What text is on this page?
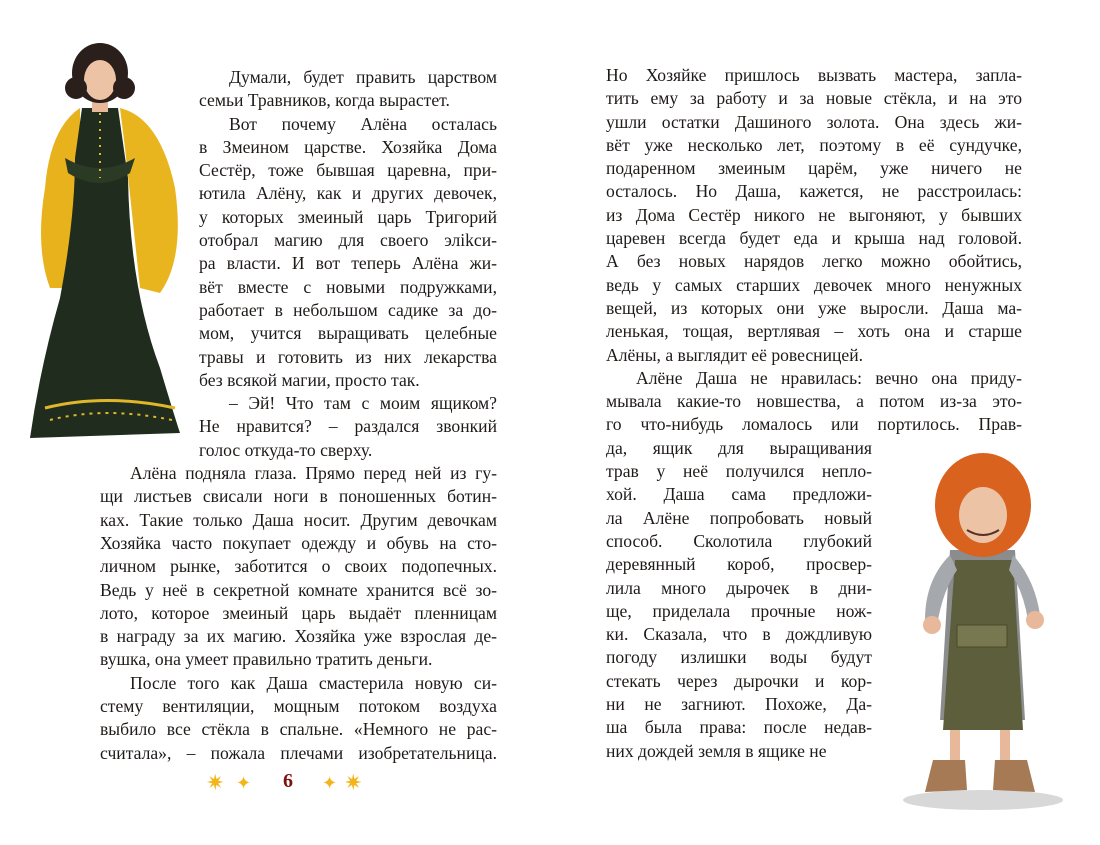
Думали, будет править царством
семьи Травников, когда вырастет.
Вот почему Алёна осталась
в Змеином царстве. Хозяйка Дома
Сестёр, тоже бывшая царевна, при-
ютила Алёну, как и других девочек,
у которых змеиный царь Тригорий
отобрал магию для своего элikси-
ра власти. И вот теперь Алёна жи-
вёт вместе с новыми подружками,
работает в небольшом садике за до-
мом, учится выращивать целебные
травы и готовить из них лекарства
без всякой магии, просто так.
– Эй! Что там с моим ящиком?
Не нравится? – раздался звонкий
голос откуда-то сверху.
Алёна подняла глаза. Прямо перед ней из гу-
щи листьев свисали ноги в поношенных ботин-
ках. Такие только Даша носит. Другим девочкам
Хозяйка часто покупает одежду и обувь на сто-
личном рынке, заботится о своих подопечных.
Ведь у неё в секретной комнате хранится всё зо-
лото, которое змеиный царь выдаёт пленницам
в награду за их магию. Хозяйка уже взрослая де-
вушка, она умеет правильно тратить деньги.
После того как Даша смастерила новую си-
стему вентиляции, мощным потоком воздуха
выбило все стёкла в спальне. «Немного не рас-
считала», – пожала плечами изобретательница.
Но Хозяйке пришлось вызвать мастера, запла-
тить ему за работу и за новые стёкла, и на это
ушли остатки Дашиного золота. Она здесь жи-
вёт уже несколько лет, поэтому в её сундучке,
подаренном змеиным царём, уже ничего не
осталось. Но Даша, кажется, не расстроилась:
из Дома Сестёр никого не выгоняют, у бывших
царевен всегда будет еда и крыша над головой.
А без новых нарядов легко можно обойтись,
ведь у самых старших девочек много ненужных
вещей, из которых они уже выросли. Даша ма-
ленькая, тощая, вертлявая – хоть она и старше
Алёны, а выглядит её ровесницей.
Алёне Даша не нравилась: вечно она приду-
мывала какие-то новшества, а потом из-за это-
го что-нибудь ломалось или портилось. Прав-
да, ящик для выращивания
трав у неё получился непло-
хой. Даша сама предложи-
ла Алёне попробовать новый
способ. Сколотила глубокий
деревянный короб, просвер-
лила много дырочек в дни-
ще, приделала прочные нож-
ки. Сказала, что в дождливую
погоду излишки воды будут
стекать через дырочки и кор-
ни не загниют. Похоже, Да-
ша была права: после недав-
них дождей земля в ящике не
✷ ✦	6	✦ ✷
